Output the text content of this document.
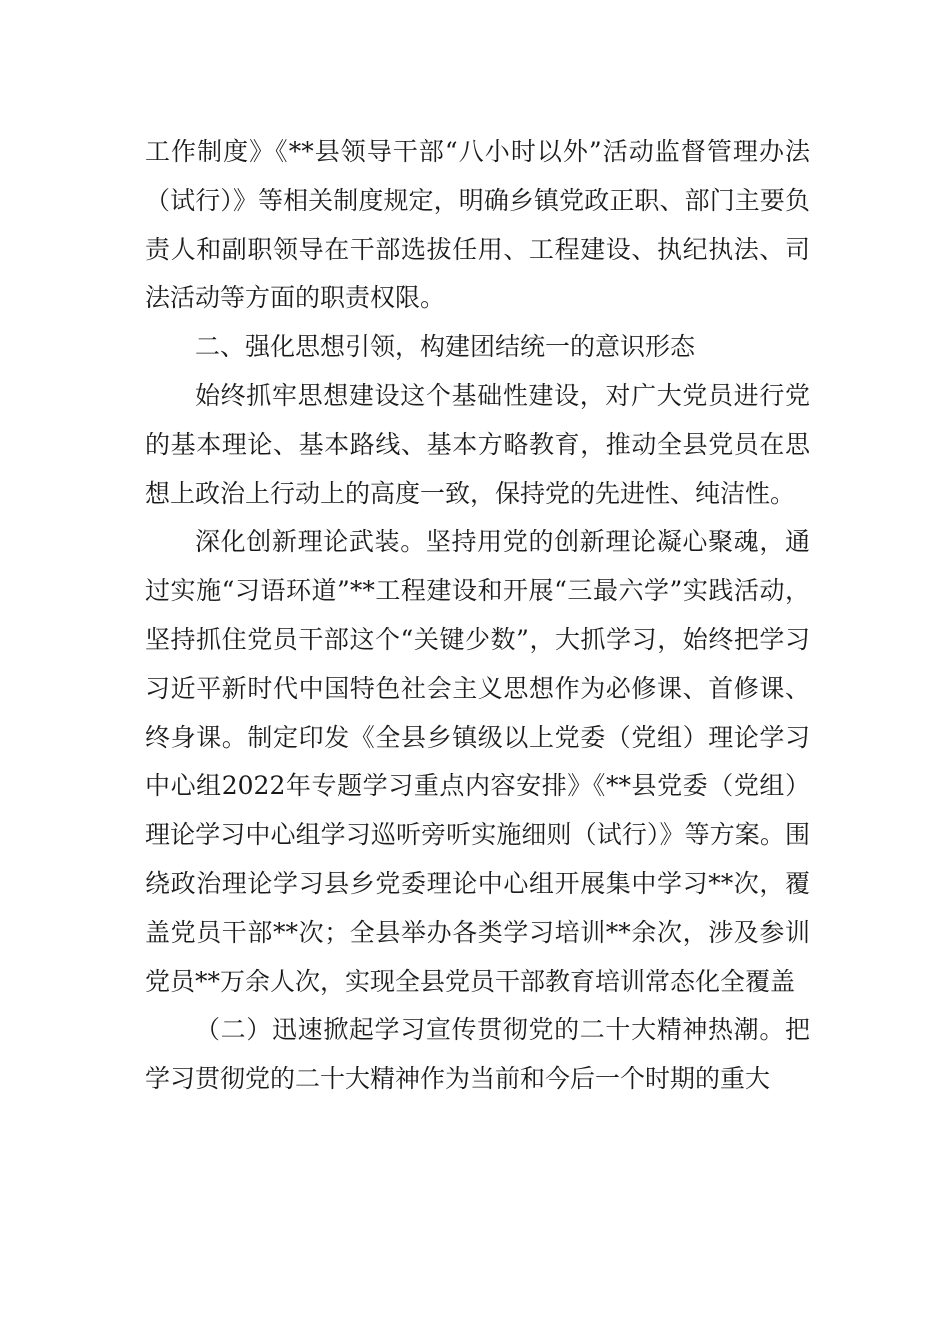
工作制度》《**县领导干部“八小时以外”活动监督管理办法（试行）》等相关制度规定，明确乡镇党政正职、部门主要负责人和副职领导在干部选拔任用、工程建设、执纪执法、司法活动等方面的职责权限。

二、强化思想引领，构建团结统一的意识形态

始终抓牢思想建设这个基础性建设，对广大党员进行党的基本理论、基本路线、基本方略教育，推动全县党员在思想上政治上行动上的高度一致，保持党的先进性、纯洁性。

深化创新理论武装。坚持用党的创新理论凝心聚魂，通过实施“习语环道”**工程建设和开展“三最六学”实践活动，坚持抓住党员干部这个“关键少数”，大抓学习，始终把学习习近平新时代中国特色社会主义思想作为必修课、首修课、终身课。制定印发《全县乡镇级以上党委（党组）理论学习中心组2022年专题学习重点内容安排》《**县党委（党组）理论学习中心组学习巡听旁听实施细则（试行）》等方案。围绕政治理论学习县乡党委理论中心组开展集中学习**次，覆盖党员干部**次；全县举办各类学习培训**余次，涉及参训党员**万余人次，实现全县党员干部教育培训常态化全覆盖

（二）迅速掀起学习宣传贯彻党的二十大精神热潮。把学习贯彻党的二十大精神作为当前和今后一个时期的重大
